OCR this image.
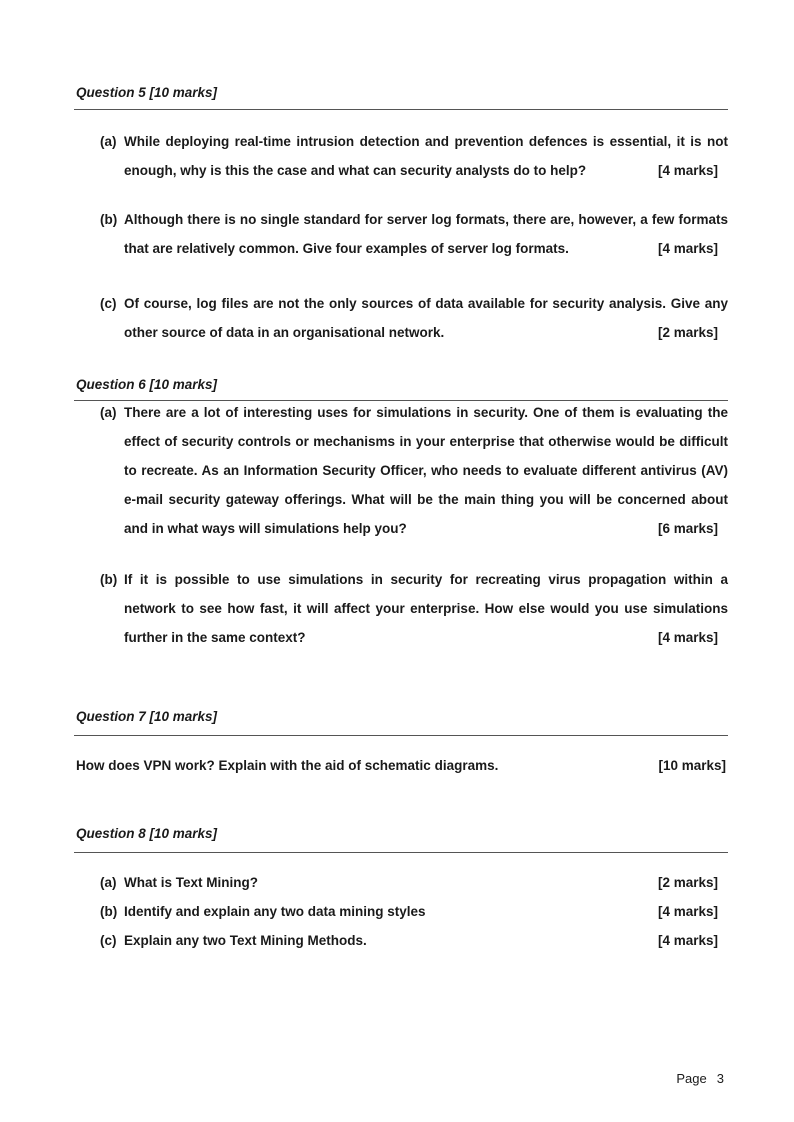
Question 5 [10 marks]
(a) While deploying real-time intrusion detection and prevention defences is essential, it is not enough, why is this the case and what can security analysts do to help?	[4 marks]
(b) Although there is no single standard for server log formats, there are, however, a few formats that are relatively common. Give four examples of server log formats.	[4 marks]
(c) Of course, log files are not the only sources of data available for security analysis. Give any other source of data in an organisational network.	[2 marks]
Question 6 [10 marks]
(a) There are a lot of interesting uses for simulations in security. One of them is evaluating the effect of security controls or mechanisms in your enterprise that otherwise would be difficult to recreate. As an Information Security Officer, who needs to evaluate different antivirus (AV) e-mail security gateway offerings. What will be the main thing you will be concerned about and in what ways will simulations help you?	[6 marks]
(b) If it is possible to use simulations in security for recreating virus propagation within a network to see how fast, it will affect your enterprise. How else would you use simulations further in the same context?	[4 marks]
Question 7 [10 marks]
How does VPN work? Explain with the aid of schematic diagrams.	[10 marks]
Question 8 [10 marks]
(a) What is Text Mining?	[2 marks]
(b) Identify and explain any two data mining styles	[4 marks]
(c) Explain any two Text Mining Methods.	[4 marks]
Page 3
